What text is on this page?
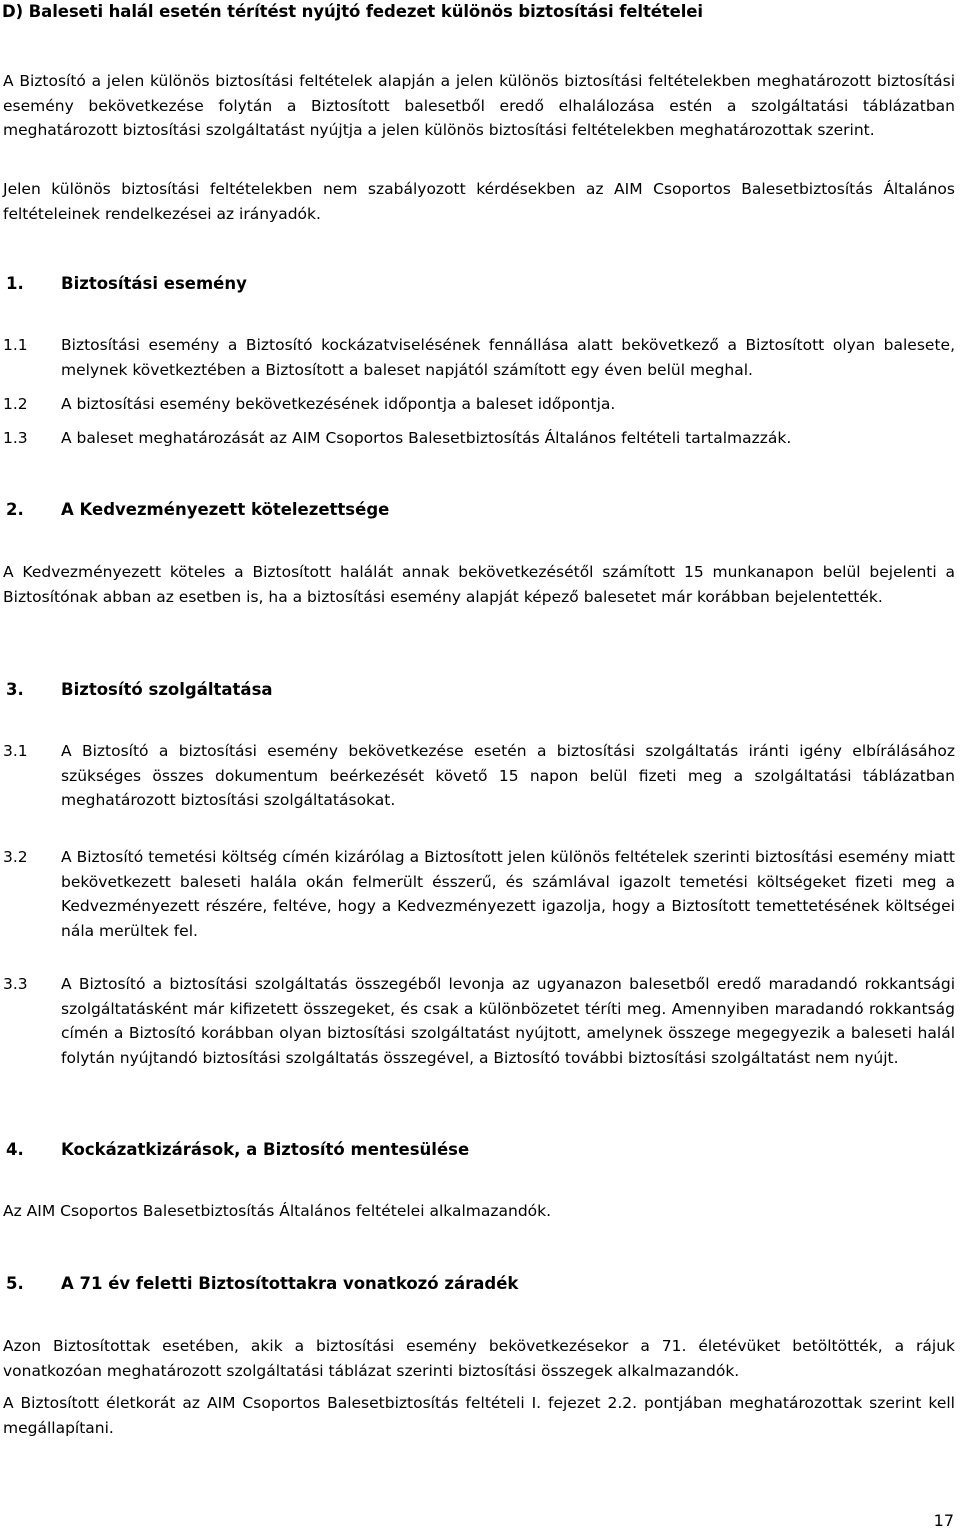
D) Baleseti halál esetén térítést nyújtó fedezet különös biztosítási feltételei
A Biztosító a jelen különös biztosítási feltételek alapján a jelen különös biztosítási feltételekben meghatározott biztosítási esemény bekövetkezése folytán a Biztosított balesetből eredő elhalálozása estén a szolgáltatási táblázatban meghatározott biztosítási szolgáltatást nyújtja a jelen különös biztosítási feltételekben meghatározottak szerint.
Jelen különös biztosítási feltételekben nem szabályozott kérdésekben az AIM Csoportos Balesetbiztosítás Általános feltételeinek rendelkezései az irányadók.
1. Biztosítási esemény
1.1 Biztosítási esemény a Biztosító kockázatviselésének fennállása alatt bekövetkező a Biztosított olyan balesete, melynek következtében a Biztosított a baleset napjától számított egy éven belül meghal.
1.2 A biztosítási esemény bekövetkezésének időpontja a baleset időpontja.
1.3 A baleset meghatározását az AIM Csoportos Balesetbiztosítás Általános feltételi tartalmazzák.
2. A Kedvezményezett kötelezettsége
A Kedvezményezett köteles a Biztosított halálát annak bekövetkezésétől számított 15 munkanapon belül bejelenti a Biztosítónak abban az esetben is, ha a biztosítási esemény alapját képező balesetet már korábban bejelentették.
3. Biztosító szolgáltatása
3.1 A Biztosító a biztosítási esemény bekövetkezése esetén a biztosítási szolgáltatás iránti igény elbírálásához szükséges összes dokumentum beérkezését követő 15 napon belül fizeti meg a szolgáltatási táblázatban meghatározott biztosítási szolgáltatásokat.
3.2 A Biztosító temetési költség címén kizárólag a Biztosított jelen különös feltételek szerinti biztosítási esemény miatt bekövetkezett baleseti halála okán felmerült ésszerű, és számlával igazolt temetési költségeket fizeti meg a Kedvezményezett részére, feltéve, hogy a Kedvezményezett igazolja, hogy a Biztosított temettetésének költségei nála merültek fel.
3.3 A Biztosító a biztosítási szolgáltatás összegéből levonja az ugyanazon balesetből eredő maradandó rokkantsági szolgáltatásként már kifizetett összegeket, és csak a különbözetet téríti meg. Amennyiben maradandó rokkantság címén a Biztosító korábban olyan biztosítási szolgáltatást nyújtott, amelynek összege megegyezik a baleseti halál folytán nyújtandó biztosítási szolgáltatás összegével, a Biztosító további biztosítási szolgáltatást nem nyújt.
4. Kockázatkizárások, a Biztosító mentesülése
Az AIM Csoportos Balesetbiztosítás Általános feltételei alkalmazandók.
5. A 71 év feletti Biztosítottakra vonatkozó záradék
Azon Biztosítottak esetében, akik a biztosítási esemény bekövetkezésekor a 71. életévüket betöltötték, a rájuk vonatkozóan meghatározott szolgáltatási táblázat szerinti biztosítási összegek alkalmazandók.
A Biztosított életkorát az AIM Csoportos Balesetbiztosítás feltételi I. fejezet 2.2. pontjában meghatározottak szerint kell megállapítani.
17
